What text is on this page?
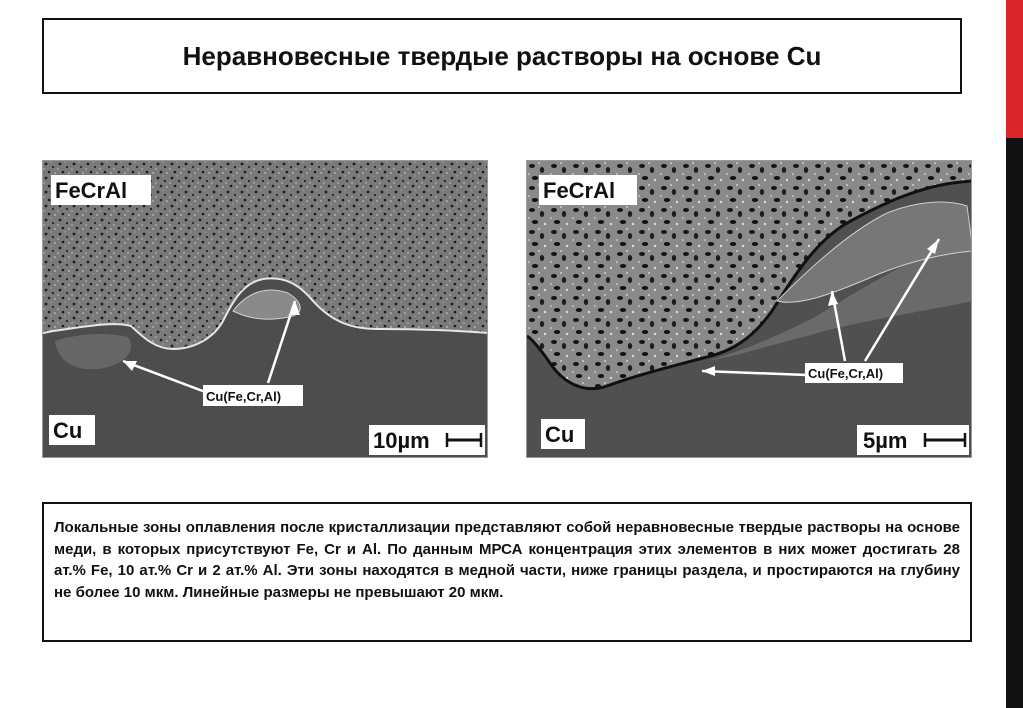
Неравновесные твердые растворы на основе Cu
FeCrAl
Cu
Cu(Fe,Cr,Al)
10µm
FeCrAl
Cu
Cu(Fe,Cr,Al)
5µm

Локальные зоны оплавления после кристаллизации представляют собой неравновесные твердые растворы на основе меди, в которых присутствуют Fe, Cr и Al. По данным МРСА концентрация этих элементов в них может достигать 28 ат.% Fe, 10 ат.% Cr и 2 ат.% Al. Эти зоны находятся в медной части, ниже границы раздела, и простираются на глубину не более 10 мкм. Линейные размеры не превышают 20 мкм.
